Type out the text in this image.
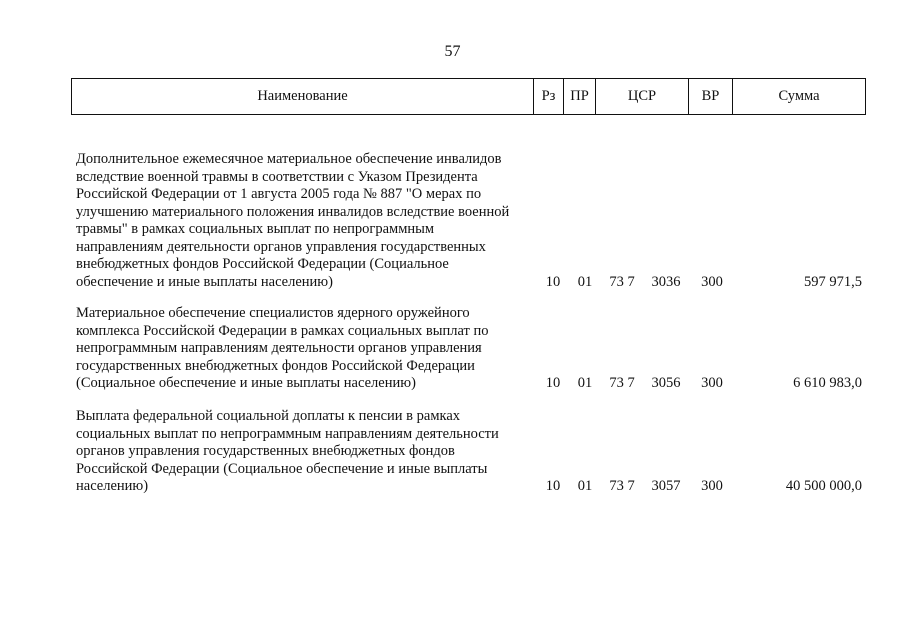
57
Наименование	Рз	ПР	ЦСР	ВР	Сумма
Дополнительное ежемесячное материальное обеспечение инвалидов
вследствие военной травмы в соответствии с Указом Президента
Российской Федерации от 1 августа 2005 года № 887 "О мерах по
улучшению материального положения инвалидов вследствие военной
травмы" в рамках социальных выплат по непрограммным
направлениям деятельности органов управления государственных
внебюджетных фондов Российской Федерации (Социальное
обеспечение и иные выплаты населению)	10	01	73 7	3036	300	597 971,5
Материальное обеспечение специалистов ядерного оружейного
комплекса Российской Федерации в рамках социальных выплат по
непрограммным направлениям деятельности органов управления
государственных внебюджетных фондов Российской Федерации
(Социальное обеспечение и иные выплаты населению)	10	01	73 7	3056	300	6 610 983,0
Выплата федеральной социальной доплаты к пенсии в рамках
социальных выплат по непрограммным направлениям деятельности
органов управления государственных внебюджетных фондов
Российской Федерации (Социальное обеспечение и иные выплаты
населению)	10	01	73 7	3057	300	40 500 000,0
